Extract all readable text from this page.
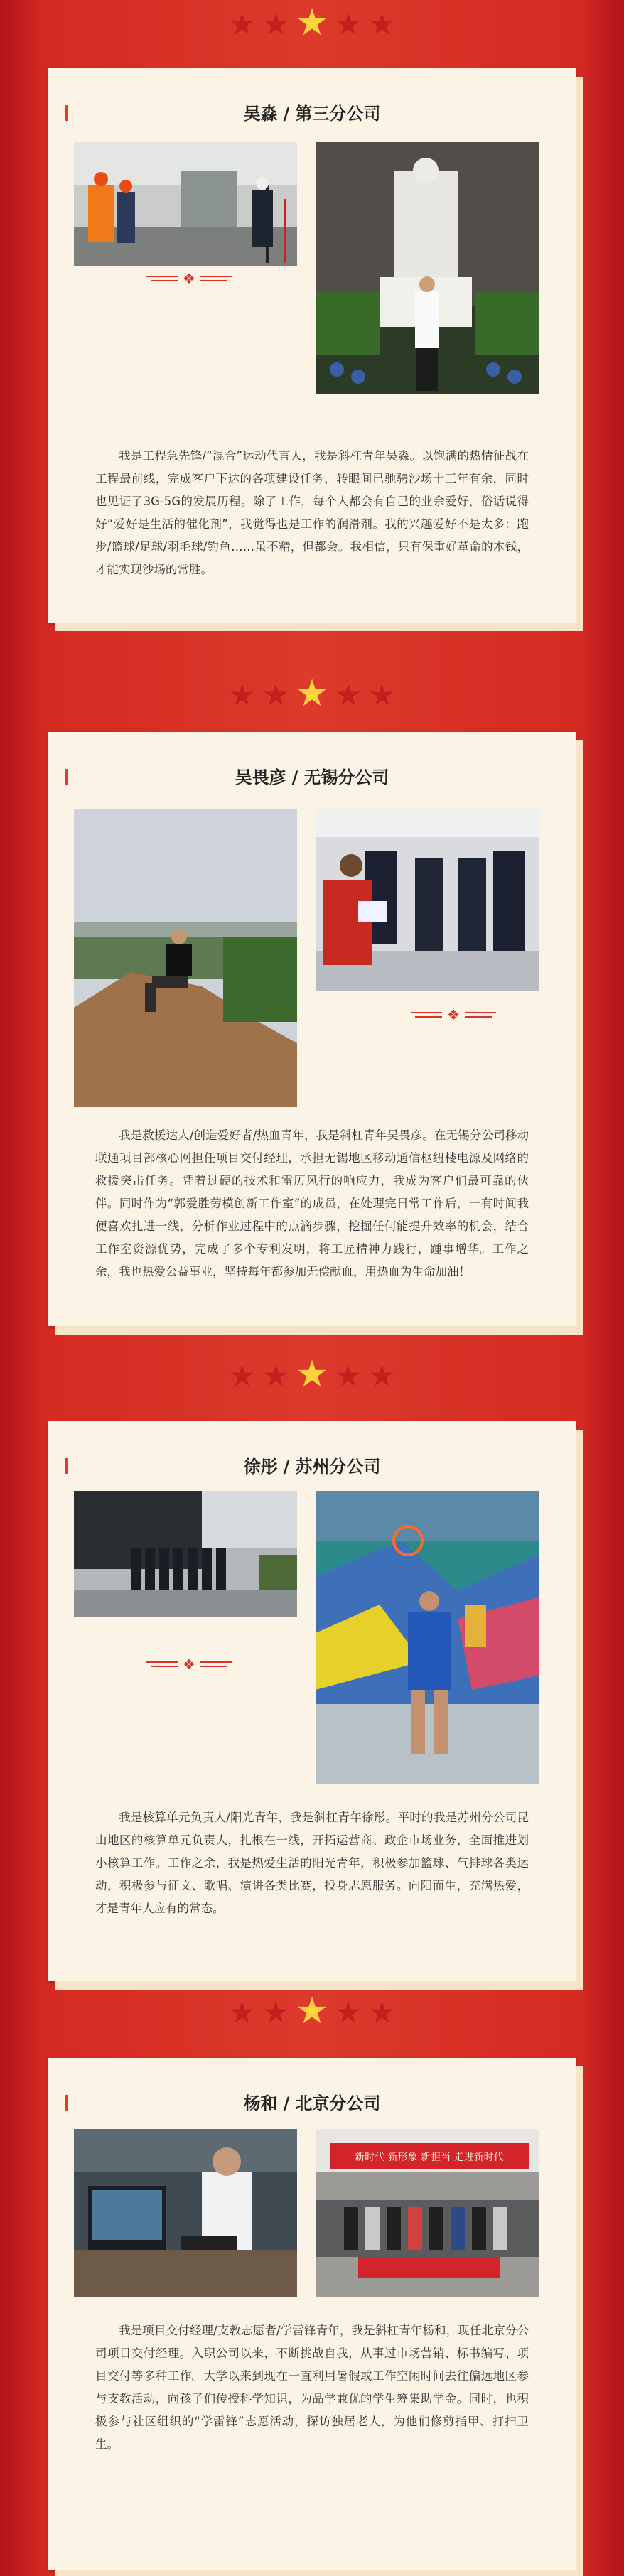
★ ★ ★ ★ ★
吴淼 / 第三分公司
❖

我是工程急先锋/“混合”运动代言人，我是斜杠青年吴淼。以饱满的热情征战在工程最前线，完成客户下达的各项建设任务，转眼间已驰骋沙场十三年有余，同时也见证了3G-5G的发展历程。除了工作，每个人都会有自己的业余爱好，俗话说得好“爱好是生活的催化剂”，我觉得也是工作的润滑剂。我的兴趣爱好不是太多：跑步/篮球/足球/羽毛球/钓鱼……虽不精，但都会。我相信，只有保重好革命的本钱，才能实现沙场的常胜。

★ ★ ★ ★ ★
吴畏彦 / 无锡分公司
❖

我是救援达人/创造爱好者/热血青年，我是斜杠青年吴畏彦。在无锡分公司移动联通项目部核心网担任项目交付经理，承担无锡地区移动通信枢纽楼电源及网络的救援突击任务。凭着过硬的技术和雷厉风行的响应力，我成为客户们最可靠的伙伴。同时作为“郭爱胜劳模创新工作室”的成员，在处理完日常工作后，一有时间我便喜欢扎进一线，分析作业过程中的点滴步骤，挖掘任何能提升效率的机会，结合工作室资源优势，完成了多个专利发明，将工匠精神力践行，踵事增华。工作之余，我也热爱公益事业，坚持每年都参加无偿献血，用热血为生命加油！

★ ★ ★ ★ ★
徐彤 / 苏州分公司
❖

我是核算单元负责人/阳光青年，我是斜杠青年徐彤。平时的我是苏州分公司昆山地区的核算单元负责人，扎根在一线，开拓运营商、政企市场业务，全面推进划小核算工作。工作之余，我是热爱生活的阳光青年，积极参加篮球、气排球各类运动，积极参与征文、歌唱、演讲各类比赛，投身志愿服务。向阳而生，充满热爱，才是青年人应有的常态。

★ ★ ★ ★ ★
杨和 / 北京分公司
新时代 新形象 新担当 走进新时代

我是项目交付经理/支教志愿者/学雷锋青年，我是斜杠青年杨和，现任北京分公司项目交付经理。入职公司以来，不断挑战自我，从事过市场营销、标书编写、项目交付等多种工作。大学以来到现在一直利用暑假或工作空闲时间去往偏远地区参与支教活动，向孩子们传授科学知识，为品学兼优的学生筹集助学金。同时，也积极参与社区组织的“学雷锋”志愿活动，探访独居老人，为他们修剪指甲、打扫卫生。
